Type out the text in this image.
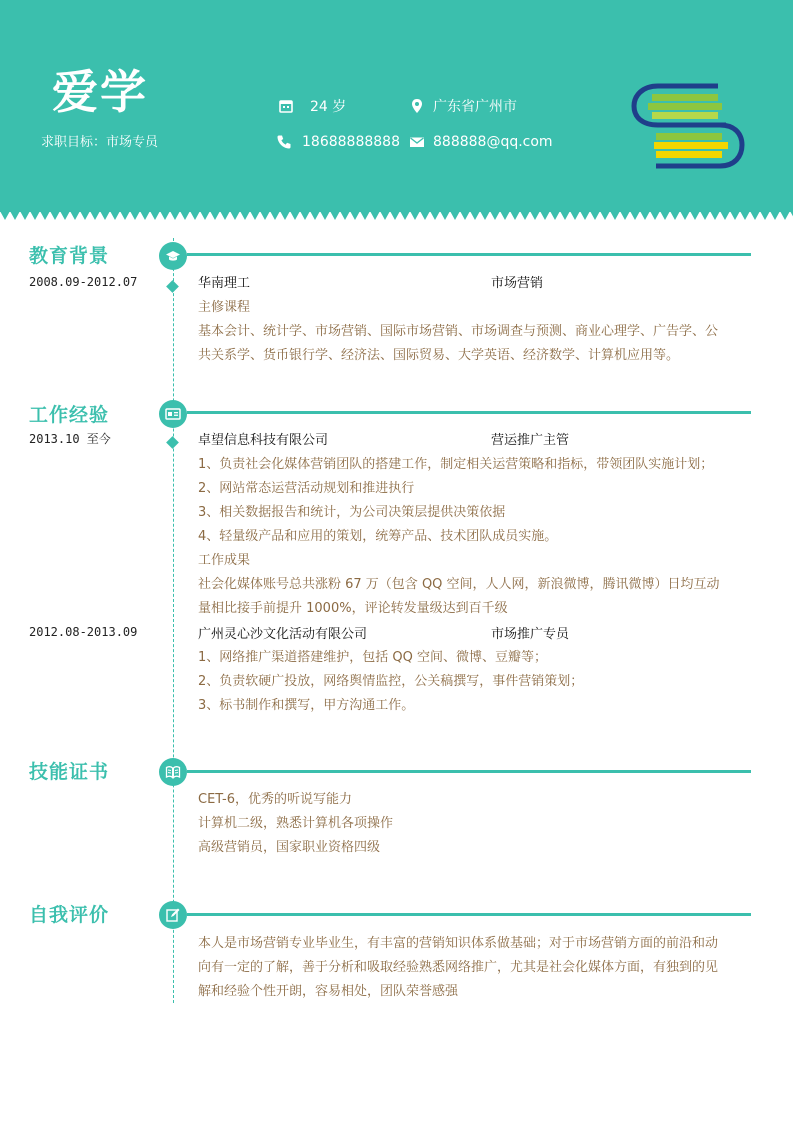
爱学
求职目标：市场专员
24 岁	广东省广州市
18688888888 888888@qq.com
教育背景
2008.09-2012.07	华南理工	市场营销
主修课程
基本会计、统计学、市场营销、国际市场营销、市场调查与预测、商业心理学、广告学、公
共关系学、货币银行学、经济法、国际贸易、大学英语、经济数学、计算机应用等。
工作经验
2013.10 至今	卓望信息科技有限公司	营运推广主管
1、负责社会化媒体营销团队的搭建工作，制定相关运营策略和指标，带领团队实施计划；
2、网站常态运营活动规划和推进执行
3、相关数据报告和统计，为公司决策层提供决策依据
4、轻量级产品和应用的策划，统筹产品、技术团队成员实施。
工作成果
社会化媒体账号总共涨粉 67 万（包含 QQ 空间，人人网，新浪微博，腾讯微博）日均互动
量相比接手前提升 1000%，评论转发量级达到百千级
2012.08-2013.09	广州灵心沙文化活动有限公司	市场推广专员
1、网络推广渠道搭建维护，包括 QQ 空间、微博、豆瓣等；
2、负责软硬广投放，网络舆情监控，公关稿撰写，事件营销策划；
3、标书制作和撰写，甲方沟通工作。
技能证书
CET-6，优秀的听说写能力
计算机二级，熟悉计算机各项操作
高级营销员，国家职业资格四级
自我评价
本人是市场营销专业毕业生，有丰富的营销知识体系做基础；对于市场营销方面的前沿和动
向有一定的了解，善于分析和吸取经验熟悉网络推广，尤其是社会化媒体方面，有独到的见
解和经验个性开朗，容易相处，团队荣誉感强
